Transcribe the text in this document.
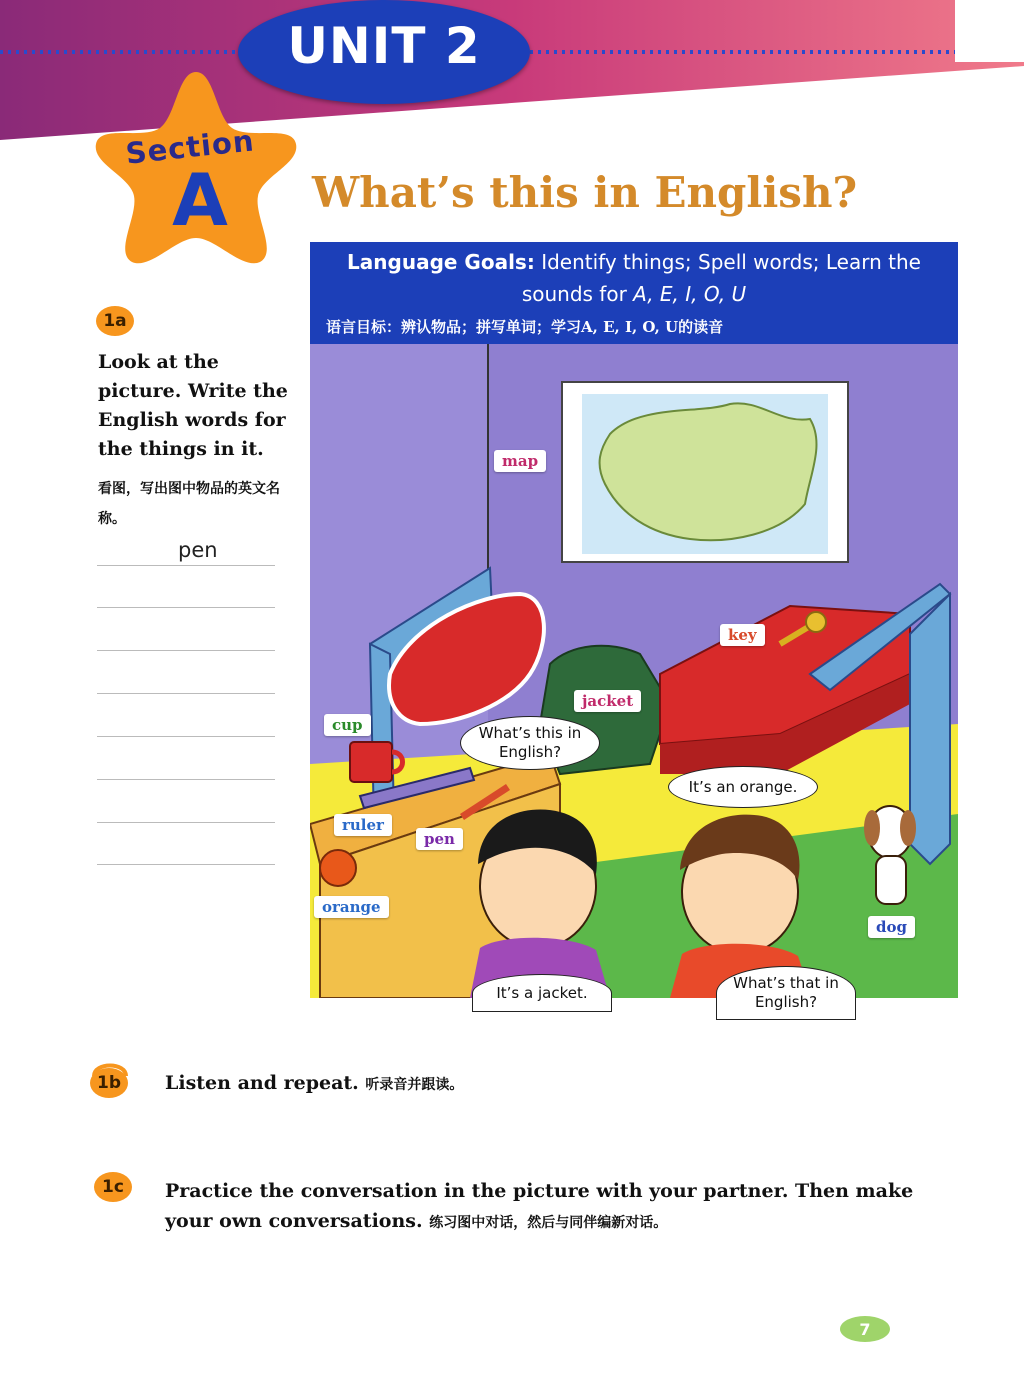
UNIT 2
Section
A	What’s this in English?
Language Goals: Identify things; Spell words; Learn the
sounds for A, E, I, O, U
语言目标：辨认物品；拼写单词；学习A, E, I, O, U的读音
map
key
jacket
cup
ruler
pen
orange
dog
What’s this in English?
It’s an orange.
It’s a jacket.
What’s that in English?
1a
Look at the picture. Write the English words for the things in it.
看图，写出图中物品的英文名称。
pen
1b	Listen and repeat. 听录音并跟读。
1c	Practice the conversation in the picture with your partner. Then make your own conversations. 练习图中对话，然后与同伴编新对话。
7
